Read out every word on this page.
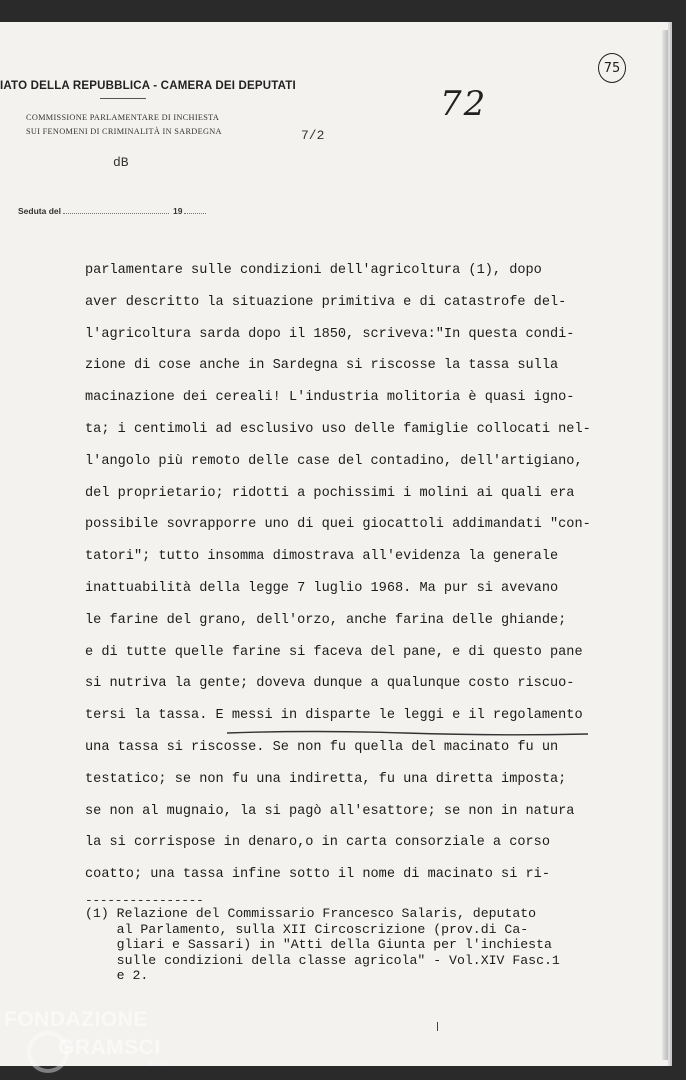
IATO DELLA REPUBBLICA - CAMERA DEI DEPUTATI
COMMISSIONE PARLAMENTARE DI INCHIESTA
SUI FENOMENI DI CRIMINALITÀ IN SARDEGNA	7/2
72
75
dB
Seduta del	19
parlamentare sulle condizioni dell'agricoltura (1), dopo
aver descritto la situazione primitiva e di catastrofe del-
l'agricoltura sarda dopo il 1850, scriveva:"In questa condi-
zione di cose anche in Sardegna si riscosse la tassa sulla
macinazione dei cereali! L'industria molitoria è quasi igno-
ta; i centimoli ad esclusivo uso delle famiglie collocati nel-
l'angolo più remoto delle case del contadino, dell'artigiano,
del proprietario; ridotti a pochissimi i molini ai quali era
possibile sovrapporre uno di quei giocattoli addimandati "con-
tatori"; tutto insomma dimostrava all'evidenza la generale
inattuabilità della legge 7 luglio 1968. Ma pur si avevano
le farine del grano, dell'orzo, anche farina delle ghiande;
e di tutte quelle farine si faceva del pane, e di questo pane
si nutriva la gente; doveva dunque a qualunque costo riscuo-
tersi la tassa. E messi in disparte le leggi e il regolamento
una tassa si riscosse. Se non fu quella del macinato fu un
testatico; se non fu una indiretta, fu una diretta imposta;
se non al mugnaio, la si pagò all'esattore; se non in natura
la si corrispose in denaro,o in carta consorziale a corso
coatto; una tassa infine sotto il nome di macinato si ri-
----------------
(1) Relazione del Commissario Francesco Salaris, deputato
al Parlamento, sulla XII Circoscrizione (prov.di Ca-
gliari e Sassari) in "Atti della Giunta per l'inchiesta
sulle condizioni della classe agricola" - Vol.XIV Fasc.1
e 2.
FONDAZIONE
GRAMSCI
onlus
